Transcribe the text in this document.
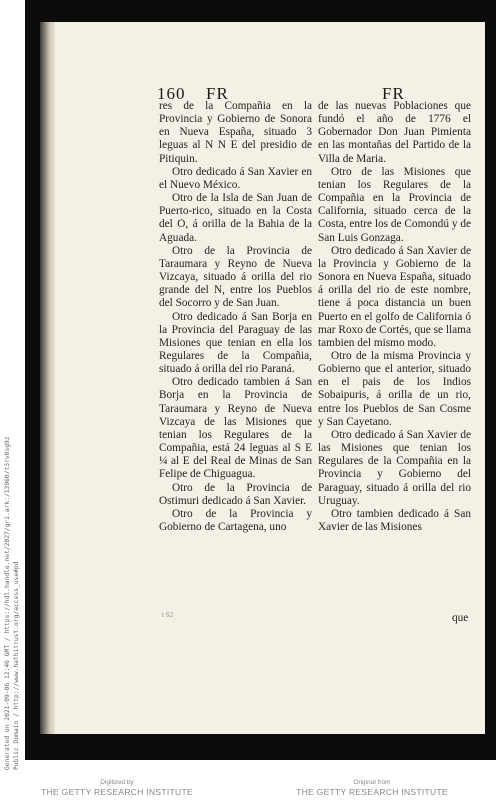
160 FR	FR

res de la Compañia en la Provincia y Gobierno de Sonora en Nueva España, situado 3 leguas al N N E del presidio de Pitiquin.

Otro dedicado á San Xavier en el Nuevo México.

Otro de la Isla de San Juan de Puerto-rico, situado en la Costa del O, á orilla de la Bahia de la Aguada.

Otro de la Provincia de Taraumara y Reyno de Nueva Vizcaya, situado á orilla del rio grande del N, entre los Pueblos del Socorro y de San Juan.

Otro dedicado á San Borja en la Provincia del Paraguay de las Misiones que tenian en ella los Regulares de la Compañia, situado á orilla del rio Paraná.

Otro dedicado tambien á San Borja en la Provincia de Taraumara y Reyno de Nueva Vizcaya de las Misiones que tenian los Regulares de la Compañia, está 24 leguas al S E ¼ al E del Real de Minas de San Felipe de Chiguagua.

Otro de la Provincia de Ostimuri dedicado á San Xavier.

Otro de la Provincia y Gobierno de Cartagena, uno

de las nuevas Poblaciones que fundó el año de 1776 el Gobernador Don Juan Pimienta en las montañas del Partido de la Villa de Maria.

Otro de las Misiones que tenian los Regulares de la Compañia en la Provincia de California, situado cerca de la Costa, entre los de Comondú y de San Luis Gonzaga.

Otro dedicado á San Xavier de la Provincia y Gobierno de la Sonora en Nueva España, situado á orilla del rio de este nombre, tiene á poca distancia un buen Puerto en el golfo de California ó mar Roxo de Cortés, que se llama tambien del mismo modo.

Otro de la misma Provincia y Gobierno que el anterior, situado en el pais de los Indios Sobaipuris, á orilla de un rio, entre los Pueblos de San Cosme y San Cayetano.

Otro dedicado á San Xavier de las Misiones que tenian los Regulares de la Compañia en la Provincia y Gobierno del Paraguay, situado á orilla del rio Uruguay.

Otro tambien dedicado á San Xavier de las Misiones

que
t S2
Generated on 2021-09-06 12:46 GMT / https://hdl.handle.net/2027/gri.ark:/13960/t3rv0sg9z Public Domain / http://www.hathitrust.org/access_use#pd
Digitized by
THE GETTY RESEARCH INSTITUTE
Original from
THE GETTY RESEARCH INSTITUTE
